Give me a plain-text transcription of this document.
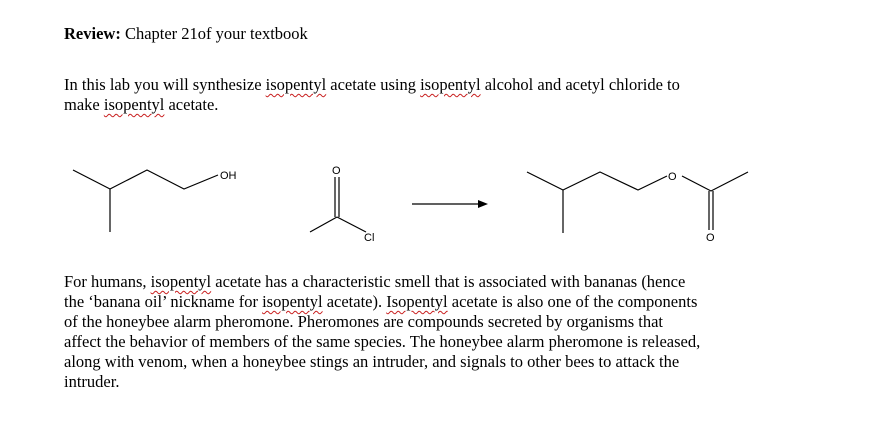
Review: Chapter 21of your textbook
In this lab you will synthesize isopentyl acetate using isopentyl alcohol and acetyl chloride to
make isopentyl acetate.
OH	O
Cl
O
O
For humans, isopentyl acetate has a characteristic smell that is associated with bananas (hence
the ‘banana oil’ nickname for isopentyl acetate). Isopentyl acetate is also one of the components
of the honeybee alarm pheromone. Pheromones are compounds secreted by organisms that
affect the behavior of members of the same species. The honeybee alarm pheromone is released,
along with venom, when a honeybee stings an intruder, and signals to other bees to attack the
intruder.
